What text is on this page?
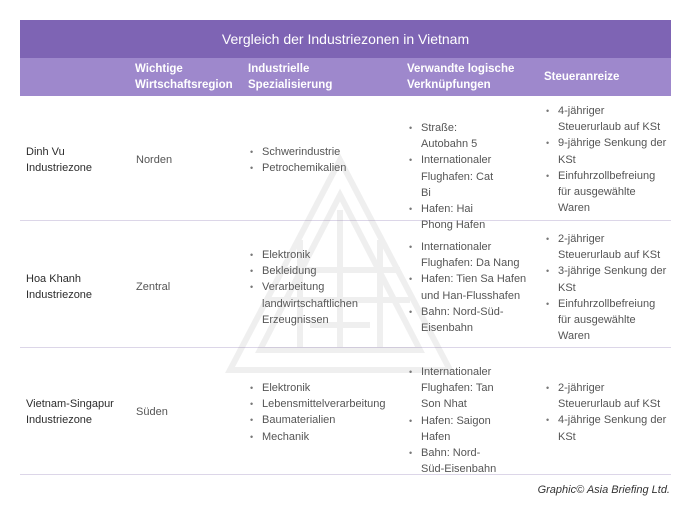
Vergleich der Industriezonen in Vietnam
Wichtige
Wirtschaftsregion
Industrielle
Spezialisierung
Verwandte logische
Verknüpfungen
Steueranreize
Dinh Vu
Industriezone
Norden
• Schwerindustrie
• Petrochemikalien
• Straße: Autobahn 5
• Internationaler Flughafen: Cat Bi
• Hafen: Hai Phong Hafen
• 4-jähriger Steuerurlaub auf KSt
• 9-jährige Senkung der KSt
• Einfuhrzollbefreiung für ausgewählte Waren
Hoa Khanh
Industriezone
Zentral
• Elektronik
• Bekleidung
• Verarbeitung landwirtschaftlichen Erzeugnissen
• Internationaler Flughafen: Da Nang
• Hafen: Tien Sa Hafen und Han-Flusshafen
• Bahn: Nord-Süd-Eisenbahn
• 2-jähriger Steuerurlaub auf KSt
• 3-jährige Senkung der KSt
• Einfuhrzollbefreiung für ausgewählte Waren
Vietnam-Singapur
Industriezone
Süden
• Elektronik
• Lebensmittelverarbeitung
• Baumaterialien
• Mechanik
• Internationaler Flughafen: Tan Son Nhat
• Hafen: Saigon Hafen
• Bahn: Nord-Süd-Eisenbahn
• 2-jähriger Steuerurlaub auf KSt
• 4-jährige Senkung der KSt
Graphic© Asia Briefing Ltd.
